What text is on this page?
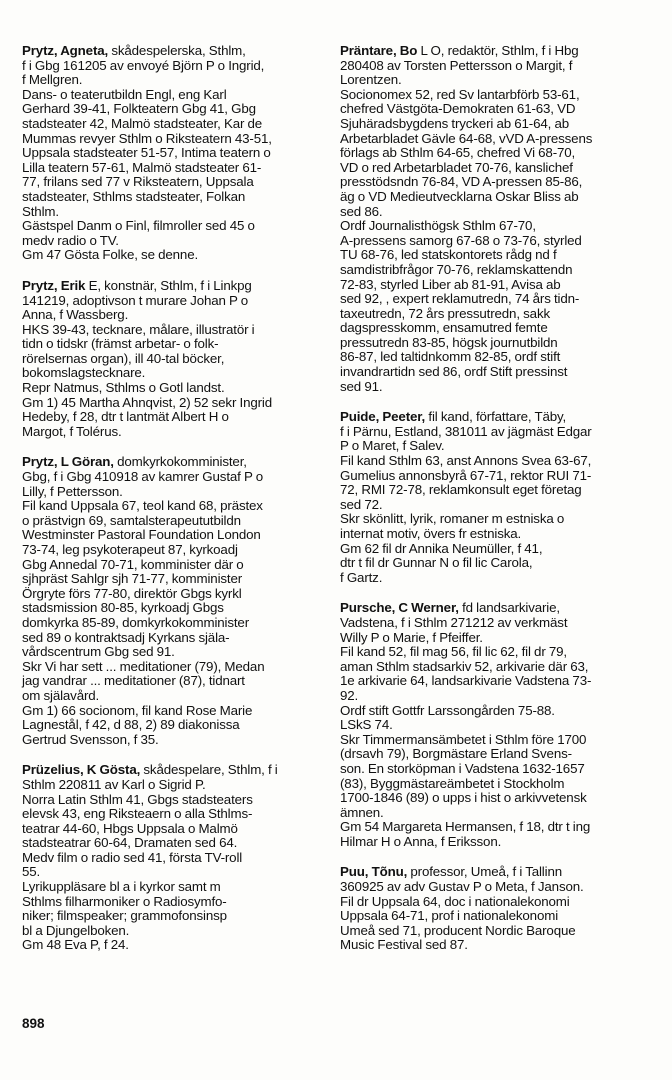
Prytz, Agneta, skådespelerska, Sthlm,
f i Gbg 161205 av envoyé Björn P o Ingrid,
f Mellgren.
Dans- o teaterutbildn Engl, eng Karl
Gerhard 39-41, Folkteatern Gbg 41, Gbg
stadsteater 42, Malmö stadsteater, Kar de
Mummas revyer Sthlm o Riksteatern 43-51,
Uppsala stadsteater 51-57, Intima teatern o
Lilla teatern 57-61, Malmö stadsteater 61-
77, frilans sed 77 v Riksteatern, Uppsala
stadsteater, Sthlms stadsteater, Folkan
Sthlm.
Gästspel Danm o Finl, filmroller sed 45 o
medv radio o TV.
Gm 47 Gösta Folke, se denne.
Prytz, Erik E, konstnär, Sthlm, f i Linkpg
141219, adoptivson t murare Johan P o
Anna, f Wassberg.
HKS 39-43, tecknare, målare, illustratör i
tidn o tidskr (främst arbetar- o folk-
rörelsernas organ), ill 40-tal böcker,
bokomslagstecknare.
Repr Natmus, Sthlms o Gotl landst.
Gm 1) 45 Martha Ahnqvist, 2) 52 sekr Ingrid
Hedeby, f 28, dtr t lantmät Albert H o
Margot, f Tolérus.
Prytz, L Göran, domkyrkokomminister,
Gbg, f i Gbg 410918 av kamrer Gustaf P o
Lilly, f Pettersson.
Fil kand Uppsala 67, teol kand 68, prästex
o prästvign 69, samtalsterapeututbildn
Westminster Pastoral Foundation London
73-74, leg psykoterapeut 87, kyrkoadj
Gbg Annedal 70-71, komminister där o
sjhpräst Sahlgr sjh 71-77, komminister
Örgryte förs 77-80, direktör Gbgs kyrkl
stadsmission 80-85, kyrkoadj Gbgs
domkyrka 85-89, domkyrkokomminister
sed 89 o kontraktsadj Kyrkans själa-
vårdscentrum Gbg sed 91.
Skr Vi har sett ... meditationer (79), Medan
jag vandrar ... meditationer (87), tidnart
om själavård.
Gm 1) 66 socionom, fil kand Rose Marie
Lagnestål, f 42, d 88, 2) 89 diakonissa
Gertrud Svensson, f 35.
Prüzelius, K Gösta, skådespelare, Sthlm, f i
Sthlm 220811 av Karl o Sigrid P.
Norra Latin Sthlm 41, Gbgs stadsteaters
elevsk 43, eng Riksteaern o alla Sthlms-
teatrar 44-60, Hbgs Uppsala o Malmö
stadsteatrar 60-64, Dramaten sed 64.
Medv film o radio sed 41, första TV-roll
55.
Lyrikuppläsare bl a i kyrkor samt m
Sthlms filharmoniker o Radiosymfo-
niker; filmspeaker; grammofonsinsp
bl a Djungelboken.
Gm 48 Eva P, f 24.
Präntare, Bo L O, redaktör, Sthlm, f i Hbg
280408 av Torsten Pettersson o Margit, f
Lorentzen.
Socionomex 52, red Sv lantarbförb 53-61,
chefred Västgöta-Demokraten 61-63, VD
Sjuhäradsbygdens tryckeri ab 61-64, ab
Arbetarbladet Gävle 64-68, vVD A-pressens
förlags ab Sthlm 64-65, chefred Vi 68-70,
VD o red Arbetarbladet 70-76, kanslichef
presstödsndn 76-84, VD A-pressen 85-86,
äg o VD Medieutvecklarna Oskar Bliss ab
sed 86.
Ordf Journalisthögsk Sthlm 67-70,
A-pressens samorg 67-68 o 73-76, styrled
TU 68-76, led statskontorets rådg nd f
samdistribfrågor 70-76, reklamskattendn
72-83, styrled Liber ab 81-91, Avisa ab
sed 92, , expert reklamutredn, 74 års tidn-
taxeutredn, 72 års pressutredn, sakk
dagspresskomm, ensamutred femte
pressutredn 83-85, högsk journutbildn
86-87, led taltidnkomm 82-85, ordf stift
invandrartidn sed 86, ordf Stift pressinst
sed 91.
Puide, Peeter, fil kand, författare, Täby,
f i Pärnu, Estland, 381011 av jägmäst Edgar
P o Maret, f Salev.
Fil kand Sthlm 63, anst Annons Svea 63-67,
Gumelius annonsbyrå 67-71, rektor RUI 71-
72, RMI 72-78, reklamkonsult eget företag
sed 72.
Skr skönlitt, lyrik, romaner m estniska o
internat motiv, övers fr estniska.
Gm 62 fil dr Annika Neumüller, f 41,
dtr t fil dr Gunnar N o fil lic Carola,
f Gartz.
Pursche, C Werner, fd landsarkivarie,
Vadstena, f i Sthlm 271212 av verkmäst
Willy P o Marie, f Pfeiffer.
Fil kand 52, fil mag 56, fil lic 62, fil dr 79,
aman Sthlm stadsarkiv 52, arkivarie där 63,
1e arkivarie 64, landsarkivarie Vadstena 73-
92.
Ordf stift Gottfr Larssongården 75-88.
LSkS 74.
Skr Timmermansämbetet i Sthlm före 1700
(drsavh 79), Borgmästare Erland Svens-
son. En storköpman i Vadstena 1632-1657
(83), Byggmästareämbetet i Stockholm
1700-1846 (89) o upps i hist o arkivvetensk
ämnen.
Gm 54 Margareta Hermansen, f 18, dtr t ing
Hilmar H o Anna, f Eriksson.
Puu, Tõnu, professor, Umeå, f i Tallinn
360925 av adv Gustav P o Meta, f Janson.
Fil dr Uppsala 64, doc i nationalekonomi
Uppsala 64-71, prof i nationalekonomi
Umeå sed 71, producent Nordic Baroque
Music Festival sed 87.
898
